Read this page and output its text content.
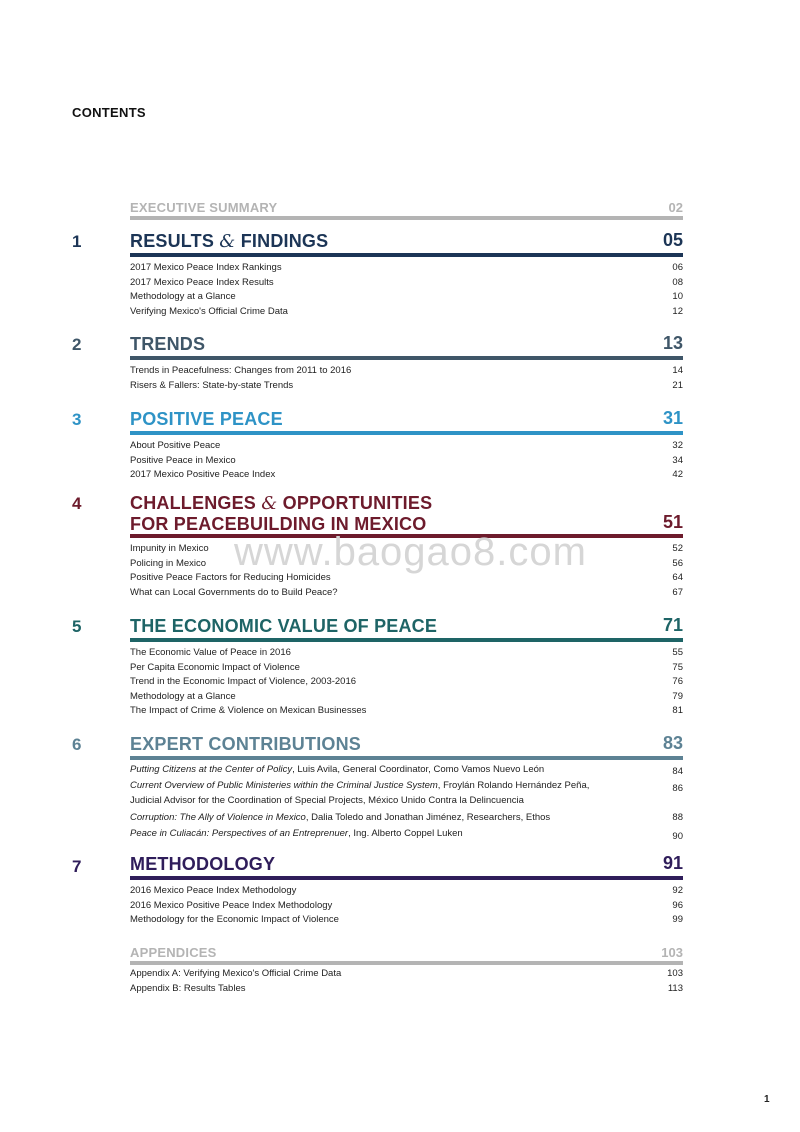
CONTENTS
EXECUTIVE SUMMARY	02
1	RESULTS & FINDINGS	05
2017 Mexico Peace Index Rankings	06
2017 Mexico Peace Index Results	08
Methodology at a Glance	10
Verifying Mexico's Official Crime Data	12
2	TRENDS	13
Trends in Peacefulness: Changes from 2011 to 2016	14
Risers & Fallers: State-by-state Trends	21
3	POSITIVE PEACE	31
About Positive Peace	32
Positive Peace in Mexico	34
2017 Mexico Positive Peace Index	42
4	CHALLENGES & OPPORTUNITIES
FOR PEACEBUILDING IN MEXICO	51
Impunity in Mexico	52
Policing in Mexico	56
Positive Peace Factors for Reducing Homicides	64
What can Local Governments do to Build Peace?	67
5	THE ECONOMIC VALUE OF PEACE	71
The Economic Value of Peace in 2016	55
Per Capita Economic Impact of Violence	75
Trend in the Economic Impact of Violence, 2003-2016	76
Methodology at a Glance	79
The Impact of Crime & Violence on Mexican Businesses	81
6	EXPERT CONTRIBUTIONS	83
Putting Citizens at the Center of Policy, Luis Avila, General Coordinator, Como Vamos Nuevo León	84
Current Overview of Public Ministeries within the Criminal Justice System, Froylán Rolando Hernández Peña,
Judicial Advisor for the Coordination of Special Projects, México Unido Contra la Delincuencia
86
Corruption: The Ally of Violence in Mexico, Dalia Toledo and Jonathan Jiménez, Researchers, Ethos	88
Peace in Culiacán: Perspectives of an Entreprenuer, Ing. Alberto Coppel Luken	90
7	METHODOLOGY	91
2016 Mexico Peace Index Methodology	92
2016 Mexico Positive Peace Index Methodology	96
Methodology for the Economic Impact of Violence	99
APPENDICES	103
Appendix A: Verifying Mexico's Official Crime Data	103
Appendix B: Results Tables	113
www.baogao8.com
1
